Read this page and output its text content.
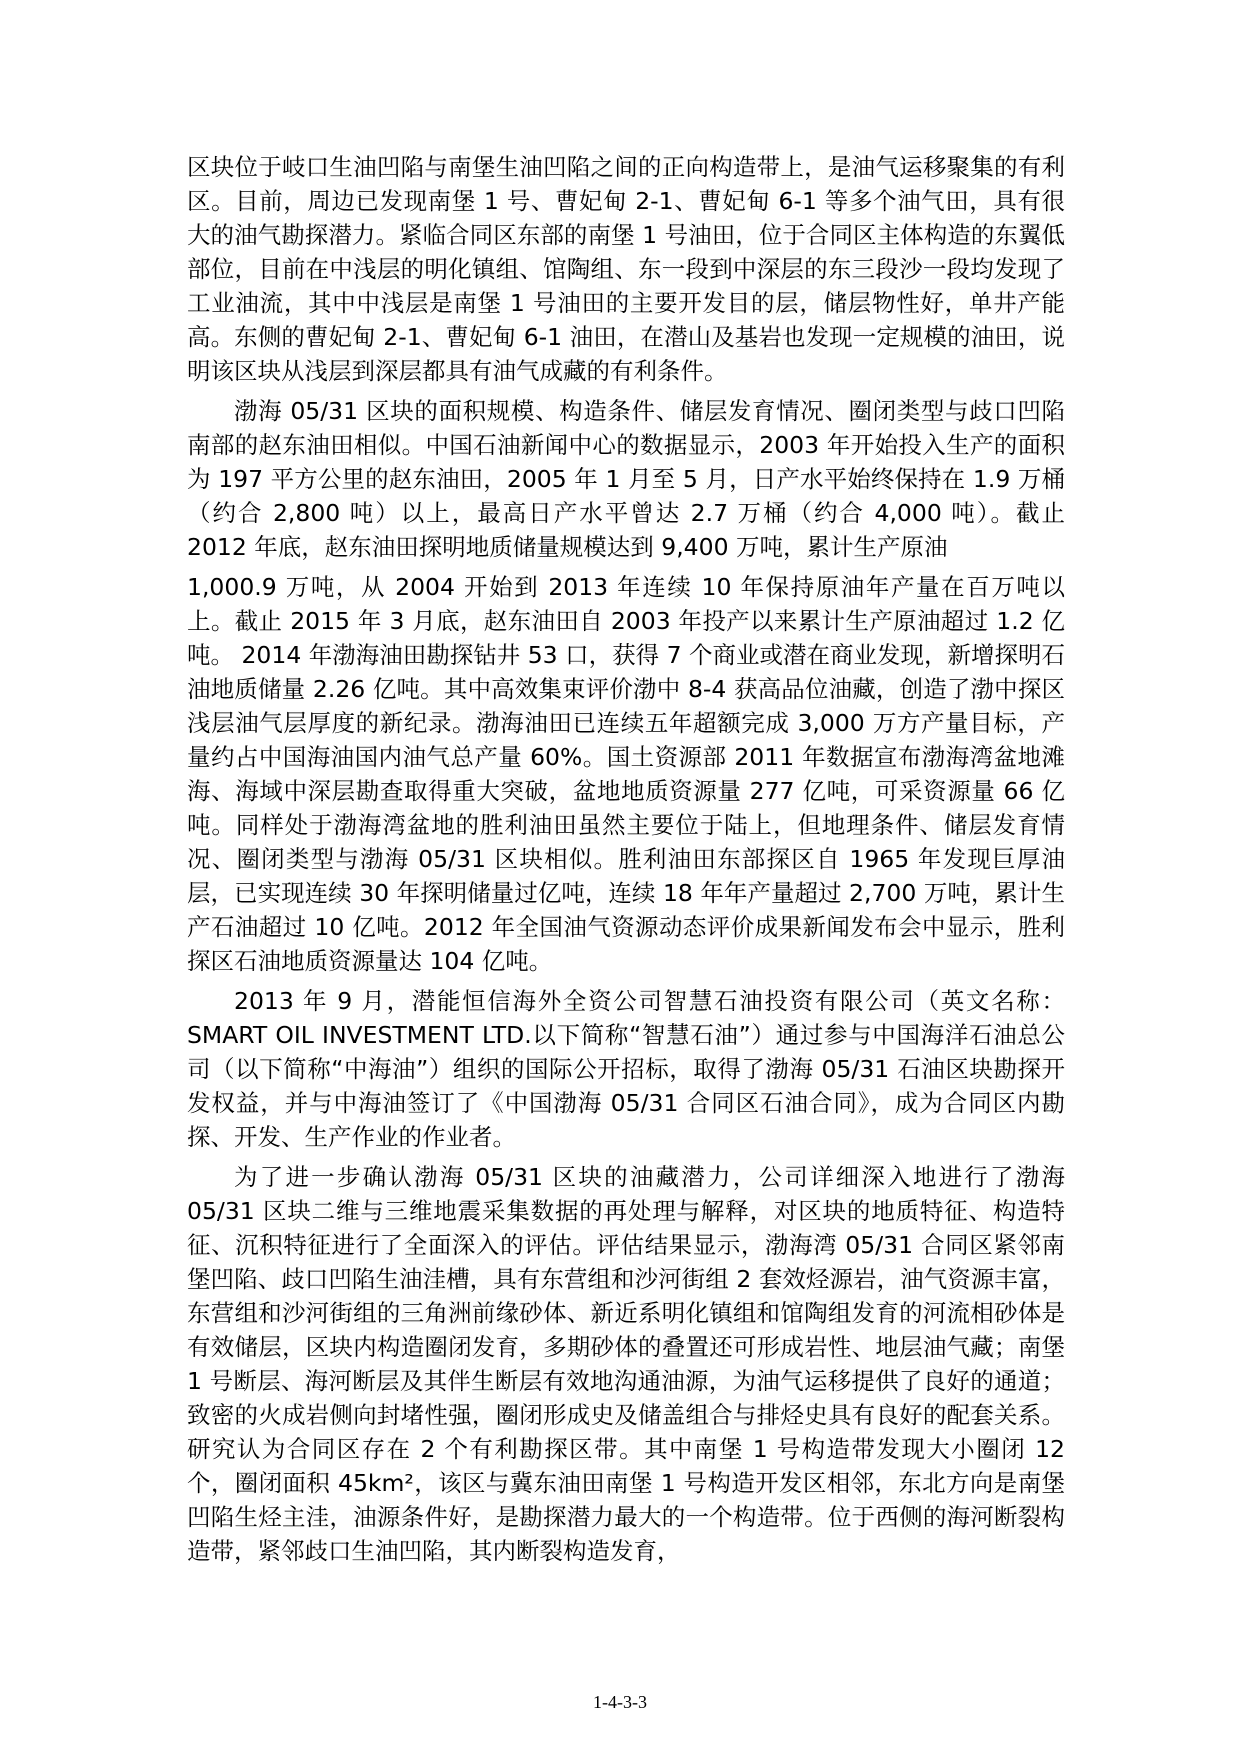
区块位于岐口生油凹陷与南堡生油凹陷之间的正向构造带上，是油气运移聚集的有利区。目前，周边已发现南堡 1 号、曹妃甸 2-1、曹妃甸 6-1 等多个油气田，具有很大的油气勘探潜力。紧临合同区东部的南堡 1 号油田，位于合同区主体构造的东翼低部位，目前在中浅层的明化镇组、馆陶组、东一段到中深层的东三段沙一段均发现了工业油流，其中中浅层是南堡 1 号油田的主要开发目的层，储层物性好，单井产能高。东侧的曹妃甸 2-1、曹妃甸 6-1 油田，在潜山及基岩也发现一定规模的油田，说明该区块从浅层到深层都具有油气成藏的有利条件。

渤海 05/31 区块的面积规模、构造条件、储层发育情况、圈闭类型与歧口凹陷南部的赵东油田相似。中国石油新闻中心的数据显示，2003 年开始投入生产的面积为 197 平方公里的赵东油田，2005 年 1 月至 5 月，日产水平始终保持在 1.9 万桶（约合 2,800 吨）以上，最高日产水平曾达 2.7 万桶（约合 4,000 吨）。截止 2012 年底，赵东油田探明地质储量规模达到 9,400 万吨，累计生产原油

1,000.9 万吨，从 2004 开始到 2013 年连续 10 年保持原油年产量在百万吨以上。截止 2015 年 3 月底，赵东油田自 2003 年投产以来累计生产原油超过 1.2 亿吨。 2014 年渤海油田勘探钻井 53 口，获得 7 个商业或潜在商业发现，新增探明石油地质储量 2.26 亿吨。其中高效集束评价渤中 8-4 获高品位油藏，创造了渤中探区浅层油气层厚度的新纪录。渤海油田已连续五年超额完成 3,000 万方产量目标，产量约占中国海油国内油气总产量 60%。国土资源部 2011 年数据宣布渤海湾盆地滩海、海域中深层勘查取得重大突破，盆地地质资源量 277 亿吨，可采资源量 66 亿吨。同样处于渤海湾盆地的胜利油田虽然主要位于陆上，但地理条件、储层发育情况、圈闭类型与渤海 05/31 区块相似。胜利油田东部探区自 1965 年发现巨厚油层，已实现连续 30 年探明储量过亿吨，连续 18 年年产量超过 2,700 万吨，累计生产石油超过 10 亿吨。2012 年全国油气资源动态评价成果新闻发布会中显示，胜利探区石油地质资源量达 104 亿吨。

2013 年 9 月，潜能恒信海外全资公司智慧石油投资有限公司（英文名称：SMART OIL INVESTMENT LTD.以下简称“智慧石油”）通过参与中国海洋石油总公司（以下简称“中海油”）组织的国际公开招标，取得了渤海 05/31 石油区块勘探开发权益，并与中海油签订了《中国渤海 05/31 合同区石油合同》，成为合同区内勘探、开发、生产作业的作业者。

为了进一步确认渤海 05/31 区块的油藏潜力，公司详细深入地进行了渤海 05/31 区块二维与三维地震采集数据的再处理与解释，对区块的地质特征、构造特征、沉积特征进行了全面深入的评估。评估结果显示，渤海湾 05/31 合同区紧邻南堡凹陷、歧口凹陷生油洼槽，具有东营组和沙河街组 2 套效烃源岩，油气资源丰富，东营组和沙河街组的三角洲前缘砂体、新近系明化镇组和馆陶组发育的河流相砂体是有效储层，区块内构造圈闭发育，多期砂体的叠置还可形成岩性、地层油气藏；南堡 1 号断层、海河断层及其伴生断层有效地沟通油源，为油气运移提供了良好的通道；致密的火成岩侧向封堵性强，圈闭形成史及储盖组合与排烃史具有良好的配套关系。研究认为合同区存在 2 个有利勘探区带。其中南堡 1 号构造带发现大小圈闭 12 个，圈闭面积 45km²，该区与冀东油田南堡 1 号构造开发区相邻，东北方向是南堡凹陷生烃主洼，油源条件好，是勘探潜力最大的一个构造带。位于西侧的海河断裂构造带，紧邻歧口生油凹陷，其内断裂构造发育，

1-4-3-3
